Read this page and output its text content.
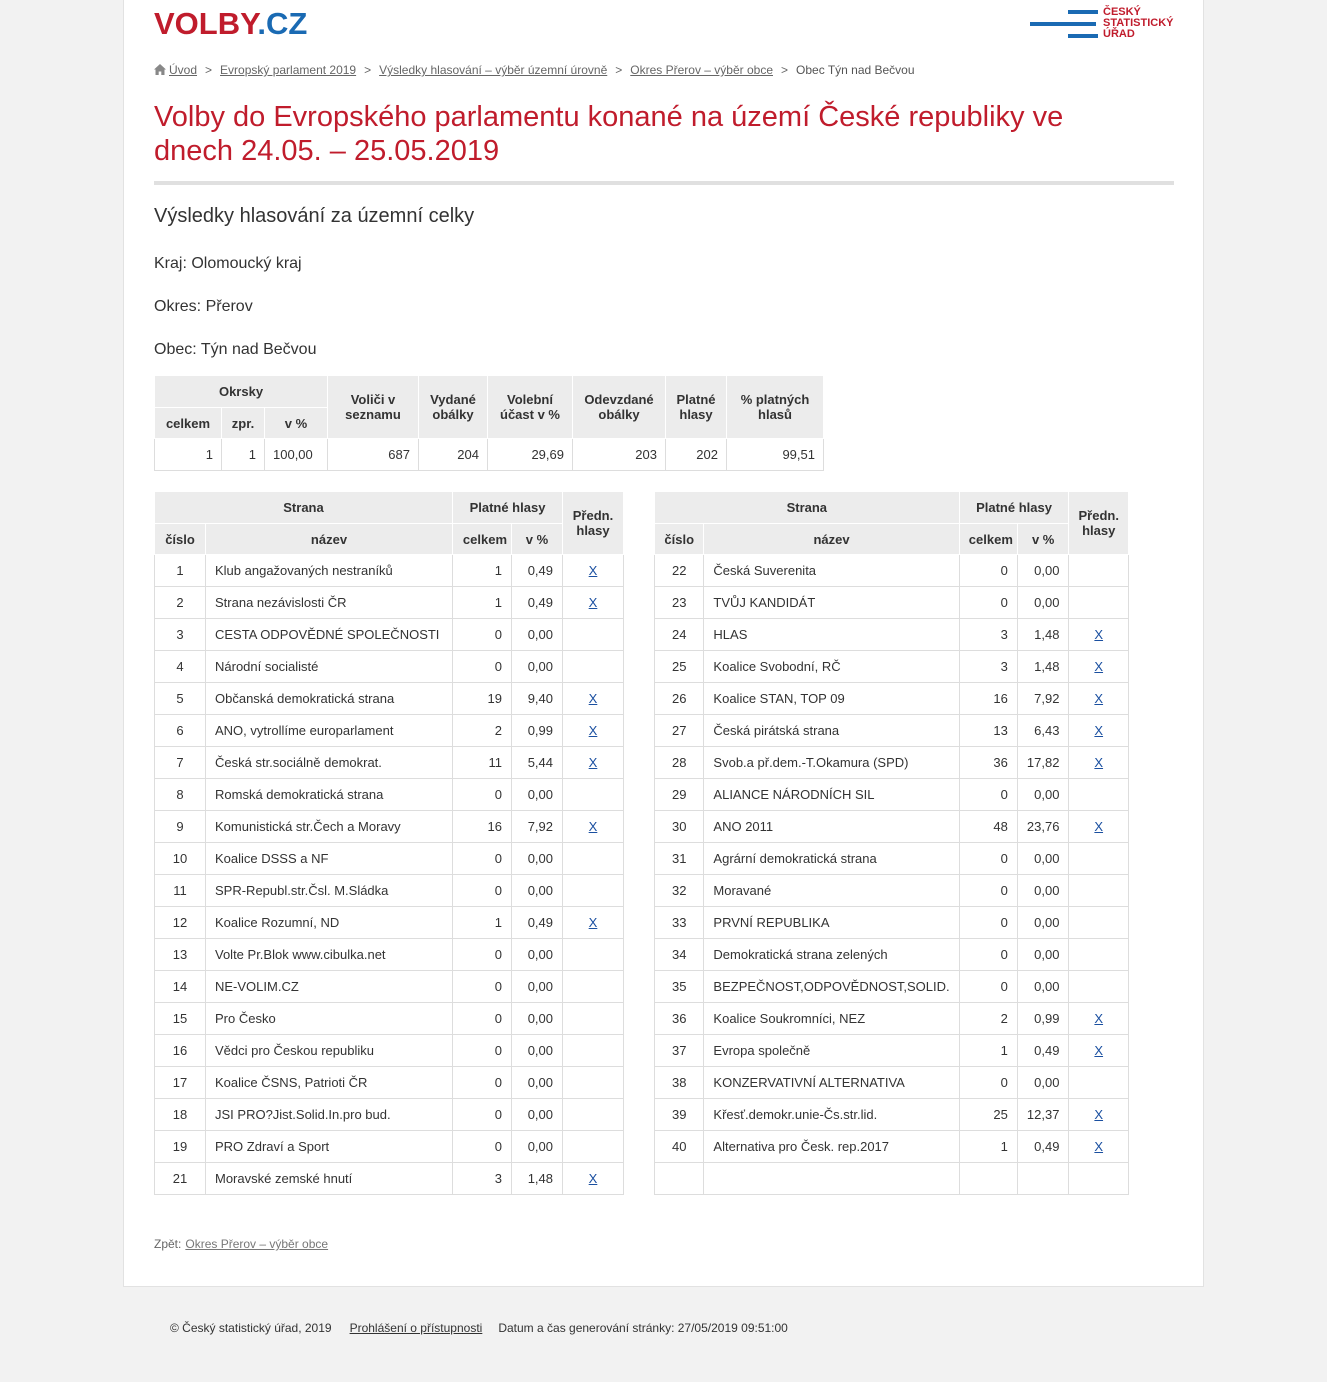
VOLBY.CZ	ČESKÝ
STATISTICKÝ
ÚŘAD
Úvod > Evropský parlament 2019 > Výsledky hlasování – výběr územní úrovně > Okres Přerov – výběr obce > Obec Týn nad Bečvou
Volby do Evropského parlamentu konané na území České republiky ve dnech 24.05. – 25.05.2019
Výsledky hlasování za územní celky
Kraj: Olomoucký kraj
Okres: Přerov
Obec: Týn nad Bečvou
Okrsky			Voliči v seznamu	Vydané obálky	Volební účast v %	Odevzdané obálky	Platné hlasy	% platných hlasů
celkem	zpr.	v %						
1	1	100,00	687	204	29,69	203	202	99,51
Strana		Platné hlasy		Předn. hlasy
číslo	název	celkem	v %	
1	Klub angažovaných nestraníků	1	0,49	X
2	Strana nezávislosti ČR	1	0,49	X
3	CESTA ODPOVĚDNÉ SPOLEČNOSTI	0	0,00	
4	Národní socialisté	0	0,00	
5	Občanská demokratická strana	19	9,40	X
6	ANO, vytrollíme europarlament	2	0,99	X
7	Česká str.sociálně demokrat.	11	5,44	X
8	Romská demokratická strana	0	0,00	
9	Komunistická str.Čech a Moravy	16	7,92	X
10	Koalice DSSS a NF	0	0,00	
11	SPR-Republ.str.Čsl. M.Sládka	0	0,00	
12	Koalice Rozumní, ND	1	0,49	X
13	Volte Pr.Blok www.cibulka.net	0	0,00	
14	NE-VOLIM.CZ	0	0,00	
15	Pro Česko	0	0,00	
16	Vědci pro Českou republiku	0	0,00	
17	Koalice ČSNS, Patrioti ČR	0	0,00	
18	JSI PRO?Jist.Solid.In.pro bud.	0	0,00	
19	PRO Zdraví a Sport	0	0,00	
21	Moravské zemské hnutí	3	1,48	X
Strana		Platné hlasy		Předn. hlasy
číslo	název	celkem	v %	
22	Česká Suverenita	0	0,00	
23	TVŮJ KANDIDÁT	0	0,00	
24	HLAS	3	1,48	X
25	Koalice Svobodní, RČ	3	1,48	X
26	Koalice STAN, TOP 09	16	7,92	X
27	Česká pirátská strana	13	6,43	X
28	Svob.a př.dem.-T.Okamura (SPD)	36	17,82	X
29	ALIANCE NÁRODNÍCH SIL	0	0,00	
30	ANO 2011	48	23,76	X
31	Agrární demokratická strana	0	0,00	
32	Moravané	0	0,00	
33	PRVNÍ REPUBLIKA	0	0,00	
34	Demokratická strana zelených	0	0,00	
35	BEZPEČNOST,ODPOVĚDNOST,SOLID.	0	0,00	
36	Koalice Soukromníci, NEZ	2	0,99	X
37	Evropa společně	1	0,49	X
38	KONZERVATIVNÍ ALTERNATIVA	0	0,00	
39	Křesť.demokr.unie-Čs.str.lid.	25	12,37	X
40	Alternativa pro Česk. rep.2017	1	0,49	X

Zpět: Okres Přerov – výběr obce
© Český statistický úřad, 2019 Prohlášení o přístupnosti Datum a čas generování stránky: 27/05/2019 09:51:00
